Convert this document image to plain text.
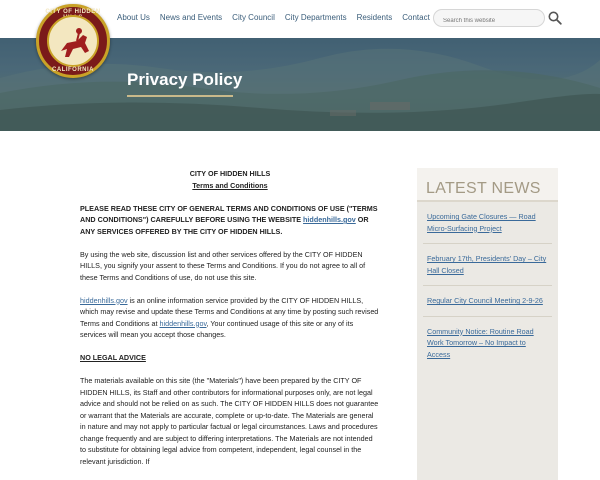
About Us News and Events City Council City Departments Residents Contact
Search this website
Privacy Policy
CITY OF HIDDEN
CALIFORNIA
CITY OF HIDDEN HILLS
Terms and Conditions

PLEASE READ THESE CITY OF GENERAL TERMS AND CONDITIONS OF USE ("TERMS AND CONDITIONS") CAREFULLY BEFORE USING THE WEBSITE hiddenhills.gov OR ANY SERVICES OFFERED BY THE CITY OF HIDDEN HILLS.

By using the web site, discussion list and other services offered by the CITY OF HIDDEN HILLS, you signify your assent to these Terms and Conditions. If you do not agree to all of these Terms and Conditions of use, do not use this site.

hiddenhills.gov is an online information service provided by the CITY OF HIDDEN HILLS, which may revise and update these Terms and Conditions at any time by posting such revised Terms and Conditions at hiddenhills.gov, Your continued usage of this site or any of its services will mean you accept those changes.

NO LEGAL ADVICE

The materials available on this site (the "Materials") have been prepared by the CITY OF HIDDEN HILLS, its Staff and other contributors for informational purposes only, are not legal advice and should not be relied on as such. The CITY OF HIDDEN HILLS does not guarantee or warrant that the Materials are accurate, complete or up-to-date. The Materials are general in nature and may not apply to particular factual or legal circumstances. Laws and procedures change frequently and are subject to differing interpretations. The Materials are not intended to substitute for obtaining legal advice from competent, independent, legal counsel in the relevant jurisdiction. If

LATEST NEWS
Upcoming Gate Closures — Road Micro-Surfacing Project
February 17th, Presidents' Day – City Hall Closed
Regular City Council Meeting 2-9-26
Community Notice: Routine Road Work Tomorrow – No Impact to Access
